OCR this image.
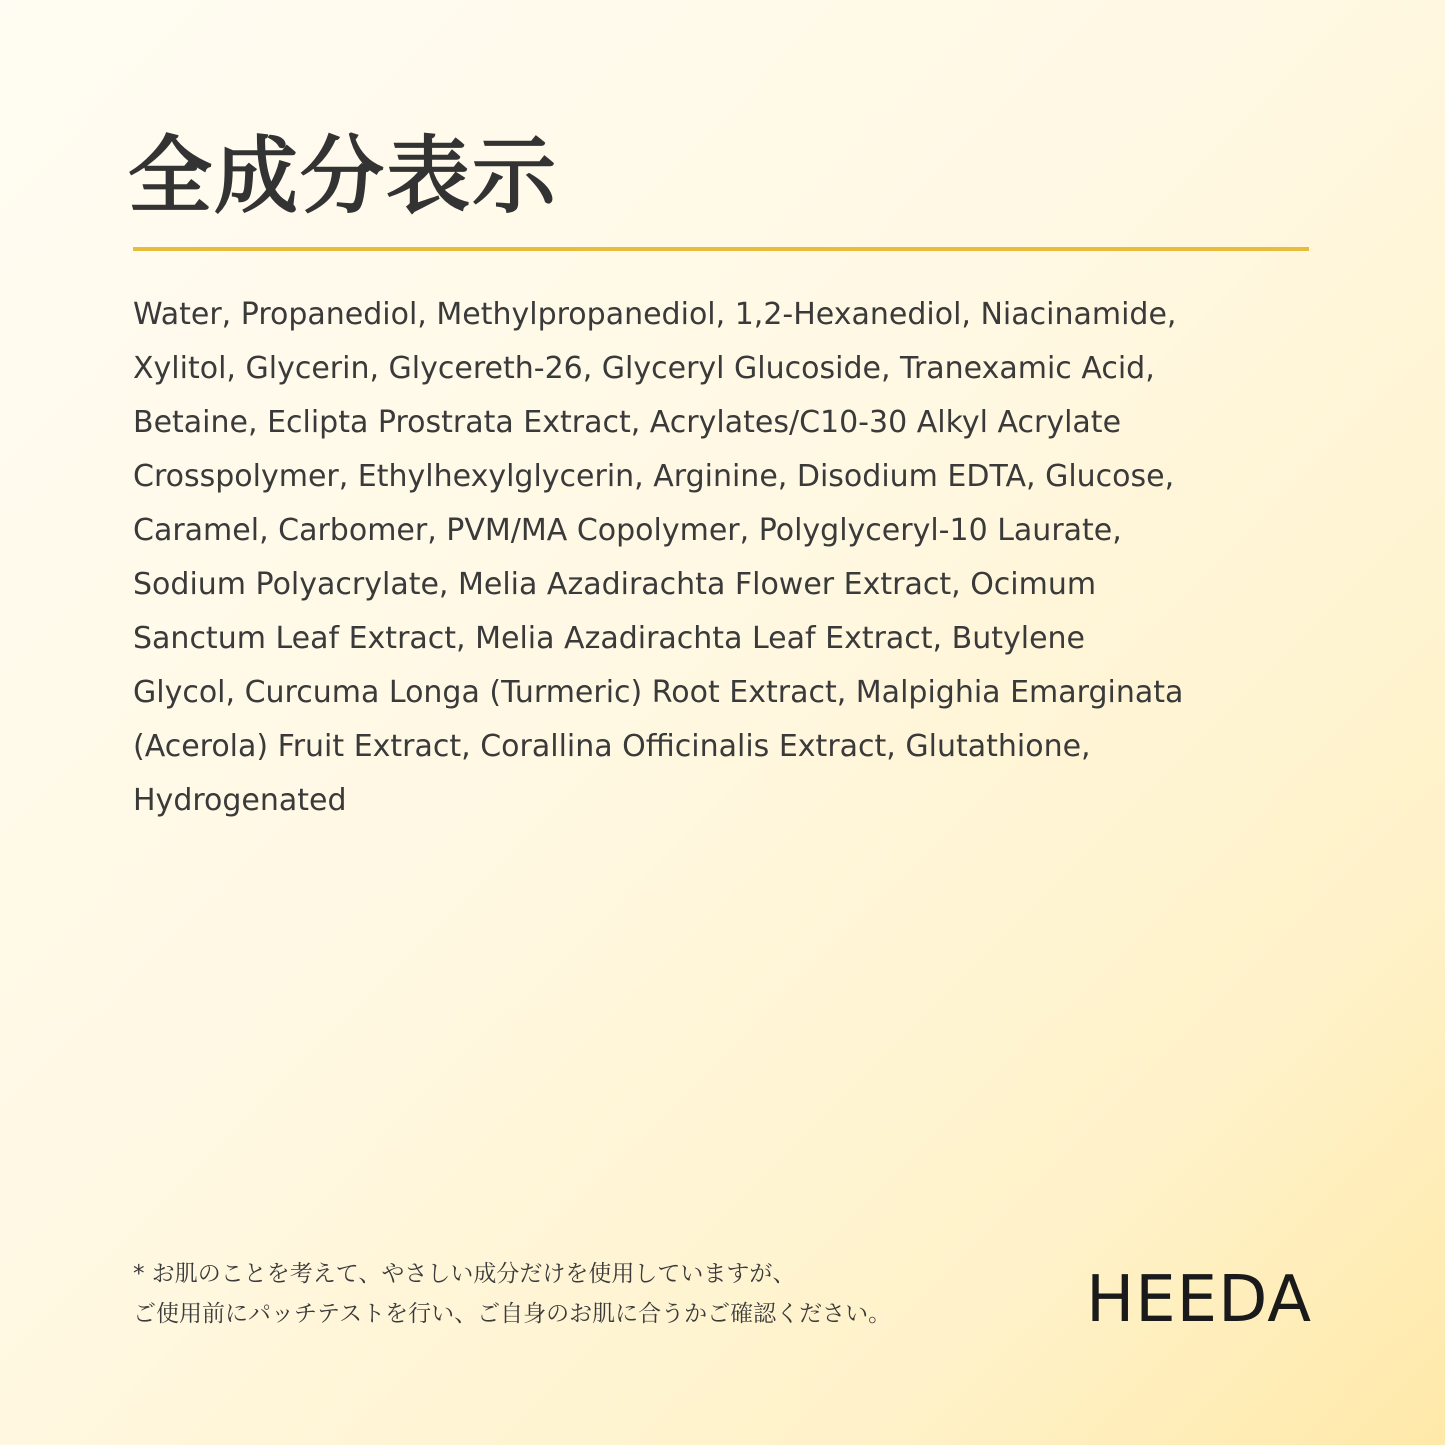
全成分表示

Water, Propanediol, Methylpropanediol, 1,2-Hexanediol, Niacinamide,
Xylitol, Glycerin, Glycereth-26, Glyceryl Glucoside, Tranexamic Acid,
Betaine, Eclipta Prostrata Extract, Acrylates/C10-30 Alkyl Acrylate
Crosspolymer, Ethylhexylglycerin, Arginine, Disodium EDTA, Glucose,
Caramel, Carbomer, PVM/MA Copolymer, Polyglyceryl-10 Laurate,
Sodium Polyacrylate, Melia Azadirachta Flower Extract, Ocimum
Sanctum Leaf Extract, Melia Azadirachta Leaf Extract, Butylene
Glycol, Curcuma Longa (Turmeric) Root Extract, Malpighia Emarginata
(Acerola) Fruit Extract, Corallina Officinalis Extract, Glutathione,
Hydrogenated

* お肌のことを考えて、やさしい成分だけを使用していますが、
ご使用前にパッチテストを行い、ご自身のお肌に合うかご確認ください。	HEEDA
